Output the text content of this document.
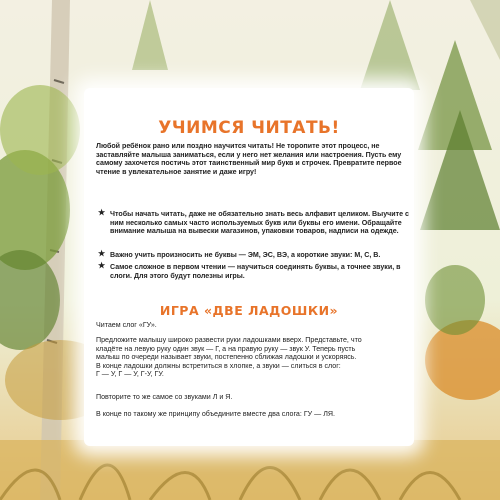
УЧИМСЯ ЧИТАТЬ!
Любой ребёнок рано или поздно научится читать! Не торопите этот процесс, не заставляйте малыша заниматься, если у него нет желания или настроения. Пусть ему самому захочется постичь этот таинственный мир букв и строчек. Превратите первое чтение в увлекательное занятие и даже игру!
★ Чтобы начать читать, даже не обязательно знать весь алфавит целиком. Выучите с ним несколько самых часто используемых букв или буквы его имени. Обращайте внимание малыша на вывески магазинов, упаковки товаров, надписи на одежде.
★ Важно учить произносить не буквы — ЭМ, ЭС, ВЭ, а короткие звуки: М, С, В.
★ Самое сложное в первом чтении — научиться соединять буквы, а точнее звуки, в слоги. Для этого будут полезны игры.
ИГРА «ДВЕ ЛАДОШКИ»
Читаем слог «ГУ».
Предложите малышу широко развести руки ладошками вверх. Представьте, что
кладёте на левую руку один звук — Г, а на правую руку — звук У. Теперь пусть
малыш по очереди называет звуки, постепенно сближая ладошки и ускоряясь.
В конце ладошки должны встретиться в хлопке, а звуки — слиться в слог:
Г — У, Г — У, Г-У, ГУ.
Повторите то же самое со звуками Л и Я.
В конце по такому же принципу объедините вместе два слога: ГУ — ЛЯ.
